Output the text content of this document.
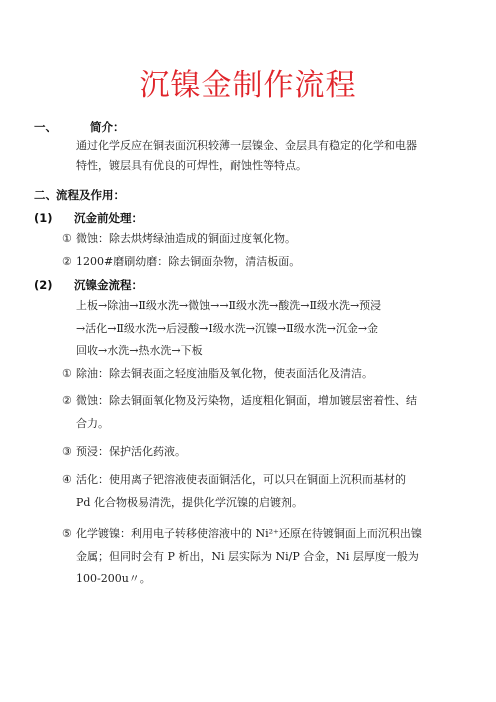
沉镍金制作流程
一、	简介：
通过化学反应在铜表面沉积较薄一层镍金、金层具有稳定的化学和电器
特性，镀层具有优良的可焊性，耐蚀性等特点。
二、流程及作用：
(1) 沉金前处理：
① 微蚀：除去烘烤绿油造成的铜面过度氧化物。
② 1200#磨刷幼磨：除去铜面杂物，清洁板面。
(2) 沉镍金流程：
上板→除油→Ⅱ级水洗→微蚀→→Ⅱ级水洗→酸洗→Ⅱ级水洗→预浸
→活化→Ⅱ级水洗→后浸酸→Ⅰ级水洗→沉镍→Ⅱ级水洗→沉金→金
回收→水洗→热水洗→下板
① 除油：除去铜表面之轻度油脂及氧化物，使表面活化及清洁。
② 微蚀：除去铜面氧化物及污染物，适度粗化铜面，增加镀层密着性、结
合力。
③ 预浸：保护活化药液。
④ 活化：使用离子钯溶液使表面铜活化，可以只在铜面上沉积而基材的
Pd 化合物极易清洗，提供化学沉镍的启镀剂。
⑤ 化学镀镍：利用电子转移使溶液中的 Ni²⁺还原在待镀铜面上而沉积出镍
金属；但同时会有 P 析出，Ni 层实际为 Ni/P 合金，Ni 层厚度一般为
100-200u〃。
